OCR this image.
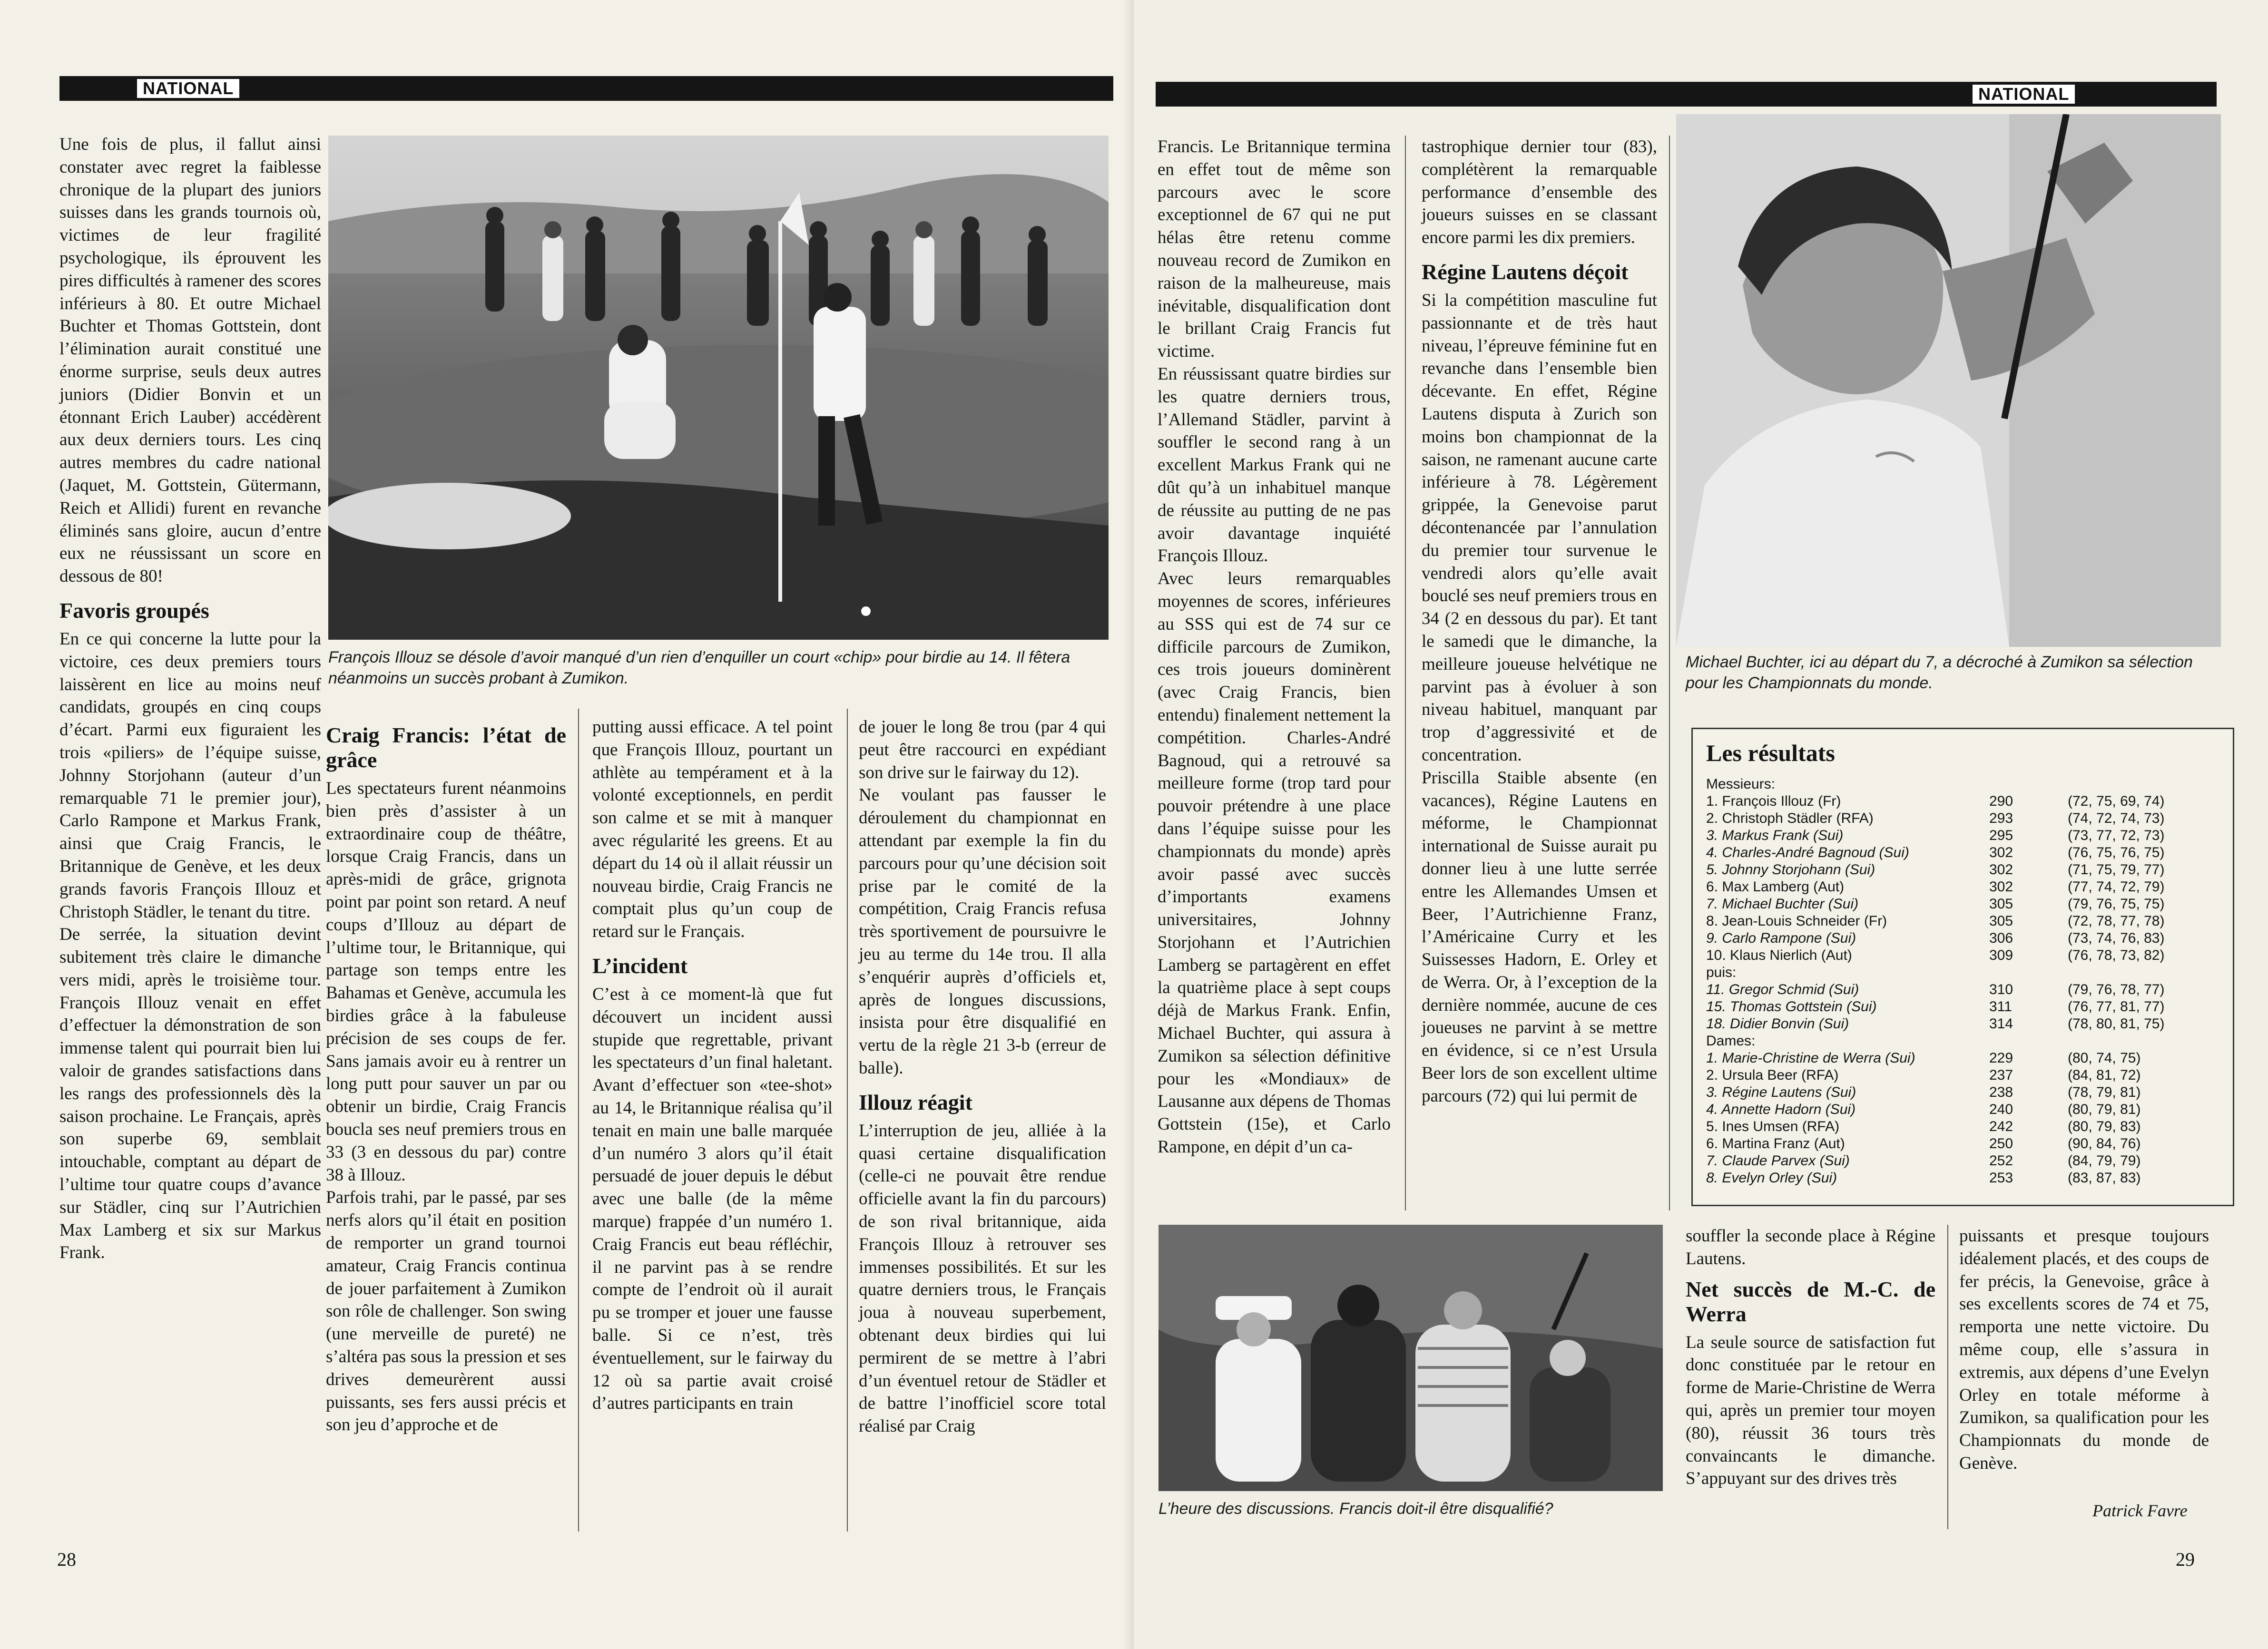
NATIONAL
François Illouz se désole d’avoir manqué d’un rien d’enquiller un court «chip» pour birdie au 14. Il fêtera néanmoins un succès probant à Zumikon.

Une fois de plus, il fallut ainsi constater avec regret la faiblesse chronique de la plupart des juniors suisses dans les grands tournois où, victimes de leur fragilité psychologique, ils éprouvent les pires difficultés à ramener des scores inférieurs à 80. Et outre Michael Buchter et Thomas Gottstein, dont l’élimination aurait constitué une énorme surprise, seuls deux autres juniors (Didier Bonvin et un étonnant Erich Lauber) accédèrent aux deux derniers tours. Les cinq autres membres du cadre national (Jaquet, M. Gottstein, Gütermann, Reich et Allidi) furent en revanche éliminés sans gloire, aucun d’entre eux ne réussissant un score en dessous de 80!

Favoris groupés

En ce qui concerne la lutte pour la victoire, ces deux premiers tours laissèrent en lice au moins neuf candidats, groupés en cinq coups d’écart. Parmi eux figuraient les trois «piliers» de l’équipe suisse, Johnny Storjohann (auteur d’un remarquable 71 le premier jour), Carlo Rampone et Markus Frank, ainsi que Craig Francis, le Britannique de Genève, et les deux grands favoris François Illouz et Christoph Städler, le tenant du titre.

De serrée, la situation devint subitement très claire le dimanche vers midi, après le troisième tour. François Illouz venait en effet d’effectuer la démonstration de son immense talent qui pourrait bien lui valoir de grandes satisfactions dans les rangs des professionnels dès la saison prochaine. Le Français, après son superbe 69, semblait intouchable, comptant au départ de l’ultime tour quatre coups d’avance sur Städler, cinq sur l’Autrichien Max Lamberg et six sur Markus Frank.

Craig Francis: l’état de grâce

Les spectateurs furent néanmoins bien près d’assister à un extraordinaire coup de théâtre, lorsque Craig Francis, dans un après-midi de grâce, grignota point par point son retard. A neuf coups d’Illouz au départ de l’ultime tour, le Britannique, qui partage son temps entre les Bahamas et Genève, accumula les birdies grâce à la fabuleuse précision de ses coups de fer. Sans jamais avoir eu à rentrer un long putt pour sauver un par ou obtenir un birdie, Craig Francis boucla ses neuf premiers trous en 33 (3 en dessous du par) contre 38 à Illouz.

Parfois trahi, par le passé, par ses nerfs alors qu’il était en position de remporter un grand tournoi amateur, Craig Francis continua de jouer parfaitement à Zumikon son rôle de challenger. Son swing (une merveille de pureté) ne s’altéra pas sous la pression et ses drives demeurèrent aussi puissants, ses fers aussi précis et son jeu d’approche et de

putting aussi efficace. A tel point que François Illouz, pourtant un athlète au tempérament et à la volonté exceptionnels, en perdit son calme et se mit à manquer avec régularité les greens. Et au départ du 14 où il allait réussir un nouveau birdie, Craig Francis ne comptait plus qu’un coup de retard sur le Français.

L’incident

C’est à ce moment-là que fut découvert un incident aussi stupide que regrettable, privant les spectateurs d’un final haletant. Avant d’effectuer son «tee-shot» au 14, le Britannique réalisa qu’il tenait en main une balle marquée d’un numéro 3 alors qu’il était persuadé de jouer depuis le début avec une balle (de la même marque) frappée d’un numéro 1. Craig Francis eut beau réfléchir, il ne parvint pas à se rendre compte de l’endroit où il aurait pu se tromper et jouer une fausse balle. Si ce n’est, très éventuellement, sur le fairway du 12 où sa partie avait croisé d’autres participants en train

de jouer le long 8e trou (par 4 qui peut être raccourci en expédiant son drive sur le fairway du 12).

Ne voulant pas fausser le déroulement du championnat en attendant par exemple la fin du parcours pour qu’une décision soit prise par le comité de la compétition, Craig Francis refusa très sportivement de poursuivre le jeu au terme du 14e trou. Il alla s’enquérir auprès d’officiels et, après de longues discussions, insista pour être disqualifié en vertu de la règle 21 3-b (erreur de balle).

Illouz réagit

L’interruption de jeu, alliée à la quasi certaine disqualification (celle-ci ne pouvait être rendue officielle avant la fin du parcours) de son rival britannique, aida François Illouz à retrouver ses immenses possibilités. Et sur les quatre derniers trous, le Français joua à nouveau superbement, obtenant deux birdies qui lui permirent de se mettre à l’abri d’un éventuel retour de Städler et de battre l’inofficiel score total réalisé par Craig

28
NATIONAL

Francis. Le Britannique termina en effet tout de même son parcours avec le score exceptionnel de 67 qui ne put hélas être retenu comme nouveau record de Zumikon en raison de la malheureuse, mais inévitable, disqualification dont le brillant Craig Francis fut victime.

En réussissant quatre birdies sur les quatre derniers trous, l’Allemand Städler, parvint à souffler le second rang à un excellent Markus Frank qui ne dût qu’à un inhabituel manque de réussite au putting de ne pas avoir davantage inquiété François Illouz.

Avec leurs remarquables moyennes de scores, inférieures au SSS qui est de 74 sur ce difficile parcours de Zumikon, ces trois joueurs dominèrent (avec Craig Francis, bien entendu) finalement nettement la compétition. Charles-André Bagnoud, qui a retrouvé sa meilleure forme (trop tard pour pouvoir prétendre à une place dans l’équipe suisse pour les championnats du monde) après avoir passé avec succès d’importants examens universitaires, Johnny Storjohann et l’Autrichien Lamberg se partagèrent en effet la quatrième place à sept coups déjà de Markus Frank. Enfin, Michael Buchter, qui assura à Zumikon sa sélection définitive pour les «Mondiaux» de Lausanne aux dépens de Thomas Gottstein (15e), et Carlo Rampone, en dépit d’un ca-

tastrophique dernier tour (83), complétèrent la remarquable performance d’ensemble des joueurs suisses en se classant encore parmi les dix premiers.

Régine Lautens déçoit

Si la compétition masculine fut passionnante et de très haut niveau, l’épreuve féminine fut en revanche dans l’ensemble bien décevante. En effet, Régine Lautens disputa à Zurich son moins bon championnat de la saison, ne ramenant aucune carte inférieure à 78. Légèrement grippée, la Genevoise parut décontenancée par l’annulation du premier tour survenue le vendredi alors qu’elle avait bouclé ses neuf premiers trous en 34 (2 en dessous du par). Et tant le samedi que le dimanche, la meilleure joueuse helvétique ne parvint pas à évoluer à son niveau habituel, manquant par trop d’aggressivité et de concentration.

Priscilla Staible absente (en vacances), Régine Lautens en méforme, le Championnat international de Suisse aurait pu donner lieu à une lutte serrée entre les Allemandes Umsen et Beer, l’Autrichienne Franz, l’Américaine Curry et les Suissesses Hadorn, E. Orley et de Werra. Or, à l’exception de la dernière nommée, aucune de ces joueuses ne parvint à se mettre en évidence, si ce n’est Ursula Beer lors de son excellent ultime parcours (72) qui lui permit de

Michael Buchter, ici au départ du 7, a décroché à Zumikon sa sélection pour les Championnats du monde.
L’heure des discussions. Francis doit-il être disqualifié?

souffler la seconde place à Régine Lautens.

Net succès de M.-C. de Werra

La seule source de satisfaction fut donc constituée par le retour en forme de Marie-Christine de Werra qui, après un premier tour moyen (80), réussit 36 tours très convaincants le dimanche. S’appuyant sur des drives très

puissants et presque toujours idéalement placés, et des coups de fer précis, la Genevoise, grâce à ses excellents scores de 74 et 75, remporta une nette victoire. Du même coup, elle s’assura in extremis, aux dépens d’une Evelyn Orley en totale méforme à Zumikon, sa qualification pour les Championnats du monde de Genève.

Patrick Favre
29
Les résultats
Messieurs:
1. François Illouz (Fr)	290	(72, 75, 69, 74)
2. Christoph Städler (RFA)	293	(74, 72, 74, 73)
3. Markus Frank (Sui)	295	(73, 77, 72, 73)
4. Charles-André Bagnoud (Sui)	302	(76, 75, 76, 75)
5. Johnny Storjohann (Sui)	302	(71, 75, 79, 77)
6. Max Lamberg (Aut)	302	(77, 74, 72, 79)
7. Michael Buchter (Sui)	305	(79, 76, 75, 75)
8. Jean-Louis Schneider (Fr)	305	(72, 78, 77, 78)
9. Carlo Rampone (Sui)	306	(73, 74, 76, 83)
10. Klaus Nierlich (Aut)	309	(76, 78, 73, 82)
puis:
11. Gregor Schmid (Sui)	310	(79, 76, 78, 77)
15. Thomas Gottstein (Sui)	311	(76, 77, 81, 77)
18. Didier Bonvin (Sui)	314	(78, 80, 81, 75)
Dames:
1. Marie-Christine de Werra (Sui)	229	(80, 74, 75)
2. Ursula Beer (RFA)	237	(84, 81, 72)
3. Régine Lautens (Sui)	238	(78, 79, 81)
4. Annette Hadorn (Sui)	240	(80, 79, 81)
5. Ines Umsen (RFA)	242	(80, 79, 83)
6. Martina Franz (Aut)	250	(90, 84, 76)
7. Claude Parvex (Sui)	252	(84, 79, 79)
8. Evelyn Orley (Sui)	253	(83, 87, 83)
